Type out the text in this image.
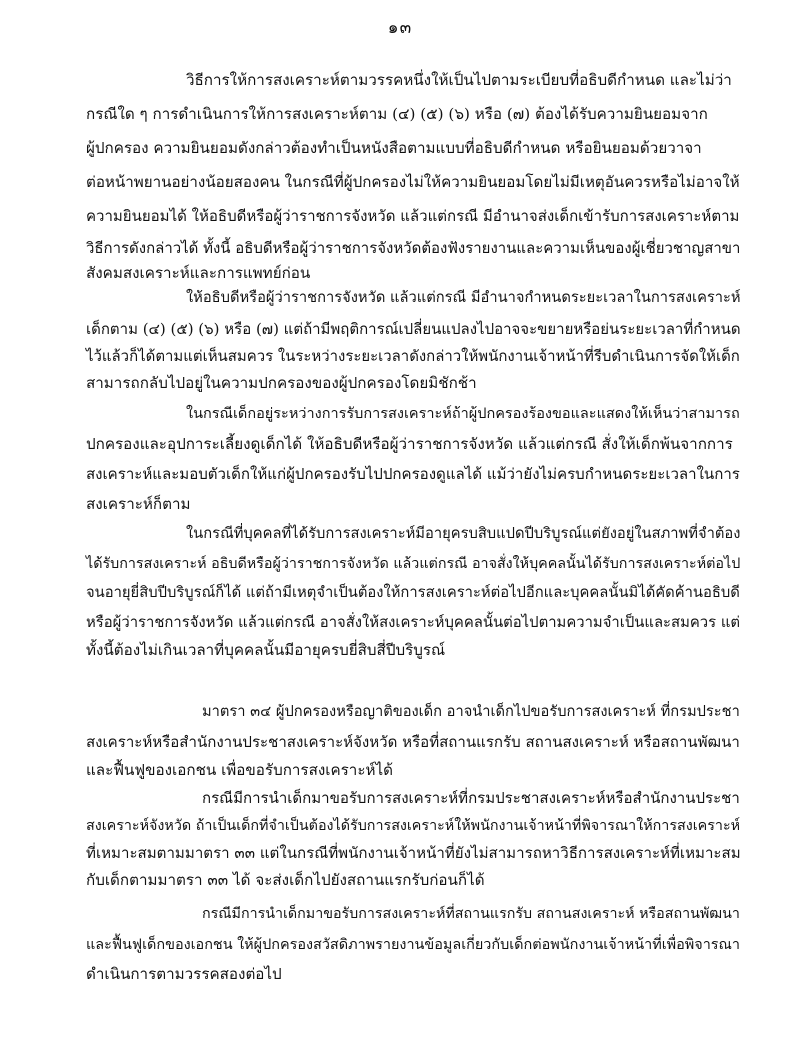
๑๓
วิธีการให้การสงเคราะห์ตามวรรคหนึ่งให้เป็นไปตามระเบียบที่อธิบดีกำหนด และไม่ว่า
กรณีใด ๆ การดำเนินการให้การสงเคราะห์ตาม (๔) (๕) (๖) หรือ (๗) ต้องได้รับความยินยอมจาก
ผู้ปกครอง ความยินยอมดังกล่าวต้องทำเป็นหนังสือตามแบบที่อธิบดีกำหนด หรือยินยอมด้วยวาจา
ต่อหน้าพยานอย่างน้อยสองคน ในกรณีที่ผู้ปกครองไม่ให้ความยินยอมโดยไม่มีเหตุอันควรหรือไม่อาจให้
ความยินยอมได้ ให้อธิบดีหรือผู้ว่าราชการจังหวัด แล้วแต่กรณี มีอำนาจส่งเด็กเข้ารับการสงเคราะห์ตาม
วิธีการดังกล่าวได้ ทั้งนี้ อธิบดีหรือผู้ว่าราชการจังหวัดต้องฟังรายงานและความเห็นของผู้เชี่ยวชาญสาขา
สังคมสงเคราะห์และการแพทย์ก่อน
ให้อธิบดีหรือผู้ว่าราชการจังหวัด แล้วแต่กรณี มีอำนาจกำหนดระยะเวลาในการสงเคราะห์
เด็กตาม (๔) (๕) (๖) หรือ (๗) แต่ถ้ามีพฤติการณ์เปลี่ยนแปลงไปอาจจะขยายหรือย่นระยะเวลาที่กำหนด
ไว้แล้วก็ได้ตามแต่เห็นสมควร ในระหว่างระยะเวลาดังกล่าวให้พนักงานเจ้าหน้าที่รีบดำเนินการจัดให้เด็ก
สามารถกลับไปอยู่ในความปกครองของผู้ปกครองโดยมิชักช้า
ในกรณีเด็กอยู่ระหว่างการรับการสงเคราะห์ถ้าผู้ปกครองร้องขอและแสดงให้เห็นว่าสามารถ
ปกครองและอุปการะเลี้ยงดูเด็กได้ ให้อธิบดีหรือผู้ว่าราชการจังหวัด แล้วแต่กรณี สั่งให้เด็กพ้นจากการ
สงเคราะห์และมอบตัวเด็กให้แก่ผู้ปกครองรับไปปกครองดูแลได้ แม้ว่ายังไม่ครบกำหนดระยะเวลาในการ
สงเคราะห์ก็ตาม
ในกรณีที่บุคคลที่ได้รับการสงเคราะห์มีอายุครบสิบแปดปีบริบูรณ์แต่ยังอยู่ในสภาพที่จำต้อง
ได้รับการสงเคราะห์ อธิบดีหรือผู้ว่าราชการจังหวัด แล้วแต่กรณี อาจสั่งให้บุคคลนั้นได้รับการสงเคราะห์ต่อไป
จนอายุยี่สิบปีบริบูรณ์ก็ได้ แต่ถ้ามีเหตุจำเป็นต้องให้การสงเคราะห์ต่อไปอีกและบุคคลนั้นมิได้คัดค้านอธิบดี
หรือผู้ว่าราชการจังหวัด แล้วแต่กรณี อาจสั่งให้สงเคราะห์บุคคลนั้นต่อไปตามความจำเป็นและสมควร แต่
ทั้งนี้ต้องไม่เกินเวลาที่บุคคลนั้นมีอายุครบยี่สิบสี่ปีบริบูรณ์
มาตรา ๓๔ ผู้ปกครองหรือญาติของเด็ก อาจนำเด็กไปขอรับการสงเคราะห์ ที่กรมประชา
สงเคราะห์หรือสำนักงานประชาสงเคราะห์จังหวัด หรือที่สถานแรกรับ สถานสงเคราะห์ หรือสถานพัฒนา
และฟื้นฟูของเอกชน เพื่อขอรับการสงเคราะห์ได้
กรณีมีการนำเด็กมาขอรับการสงเคราะห์ที่กรมประชาสงเคราะห์หรือสำนักงานประชา
สงเคราะห์จังหวัด ถ้าเป็นเด็กที่จำเป็นต้องได้รับการสงเคราะห์ให้พนักงานเจ้าหน้าที่พิจารณาให้การสงเคราะห์
ที่เหมาะสมตามมาตรา ๓๓ แต่ในกรณีที่พนักงานเจ้าหน้าที่ยังไม่สามารถหาวิธีการสงเคราะห์ที่เหมาะสม
กับเด็กตามมาตรา ๓๓ ได้ จะส่งเด็กไปยังสถานแรกรับก่อนก็ได้
กรณีมีการนำเด็กมาขอรับการสงเคราะห์ที่สถานแรกรับ สถานสงเคราะห์ หรือสถานพัฒนา
และฟื้นฟูเด็กของเอกชน ให้ผู้ปกครองสวัสดิภาพรายงานข้อมูลเกี่ยวกับเด็กต่อพนักงานเจ้าหน้าที่เพื่อพิจารณา
ดำเนินการตามวรรคสองต่อไป
